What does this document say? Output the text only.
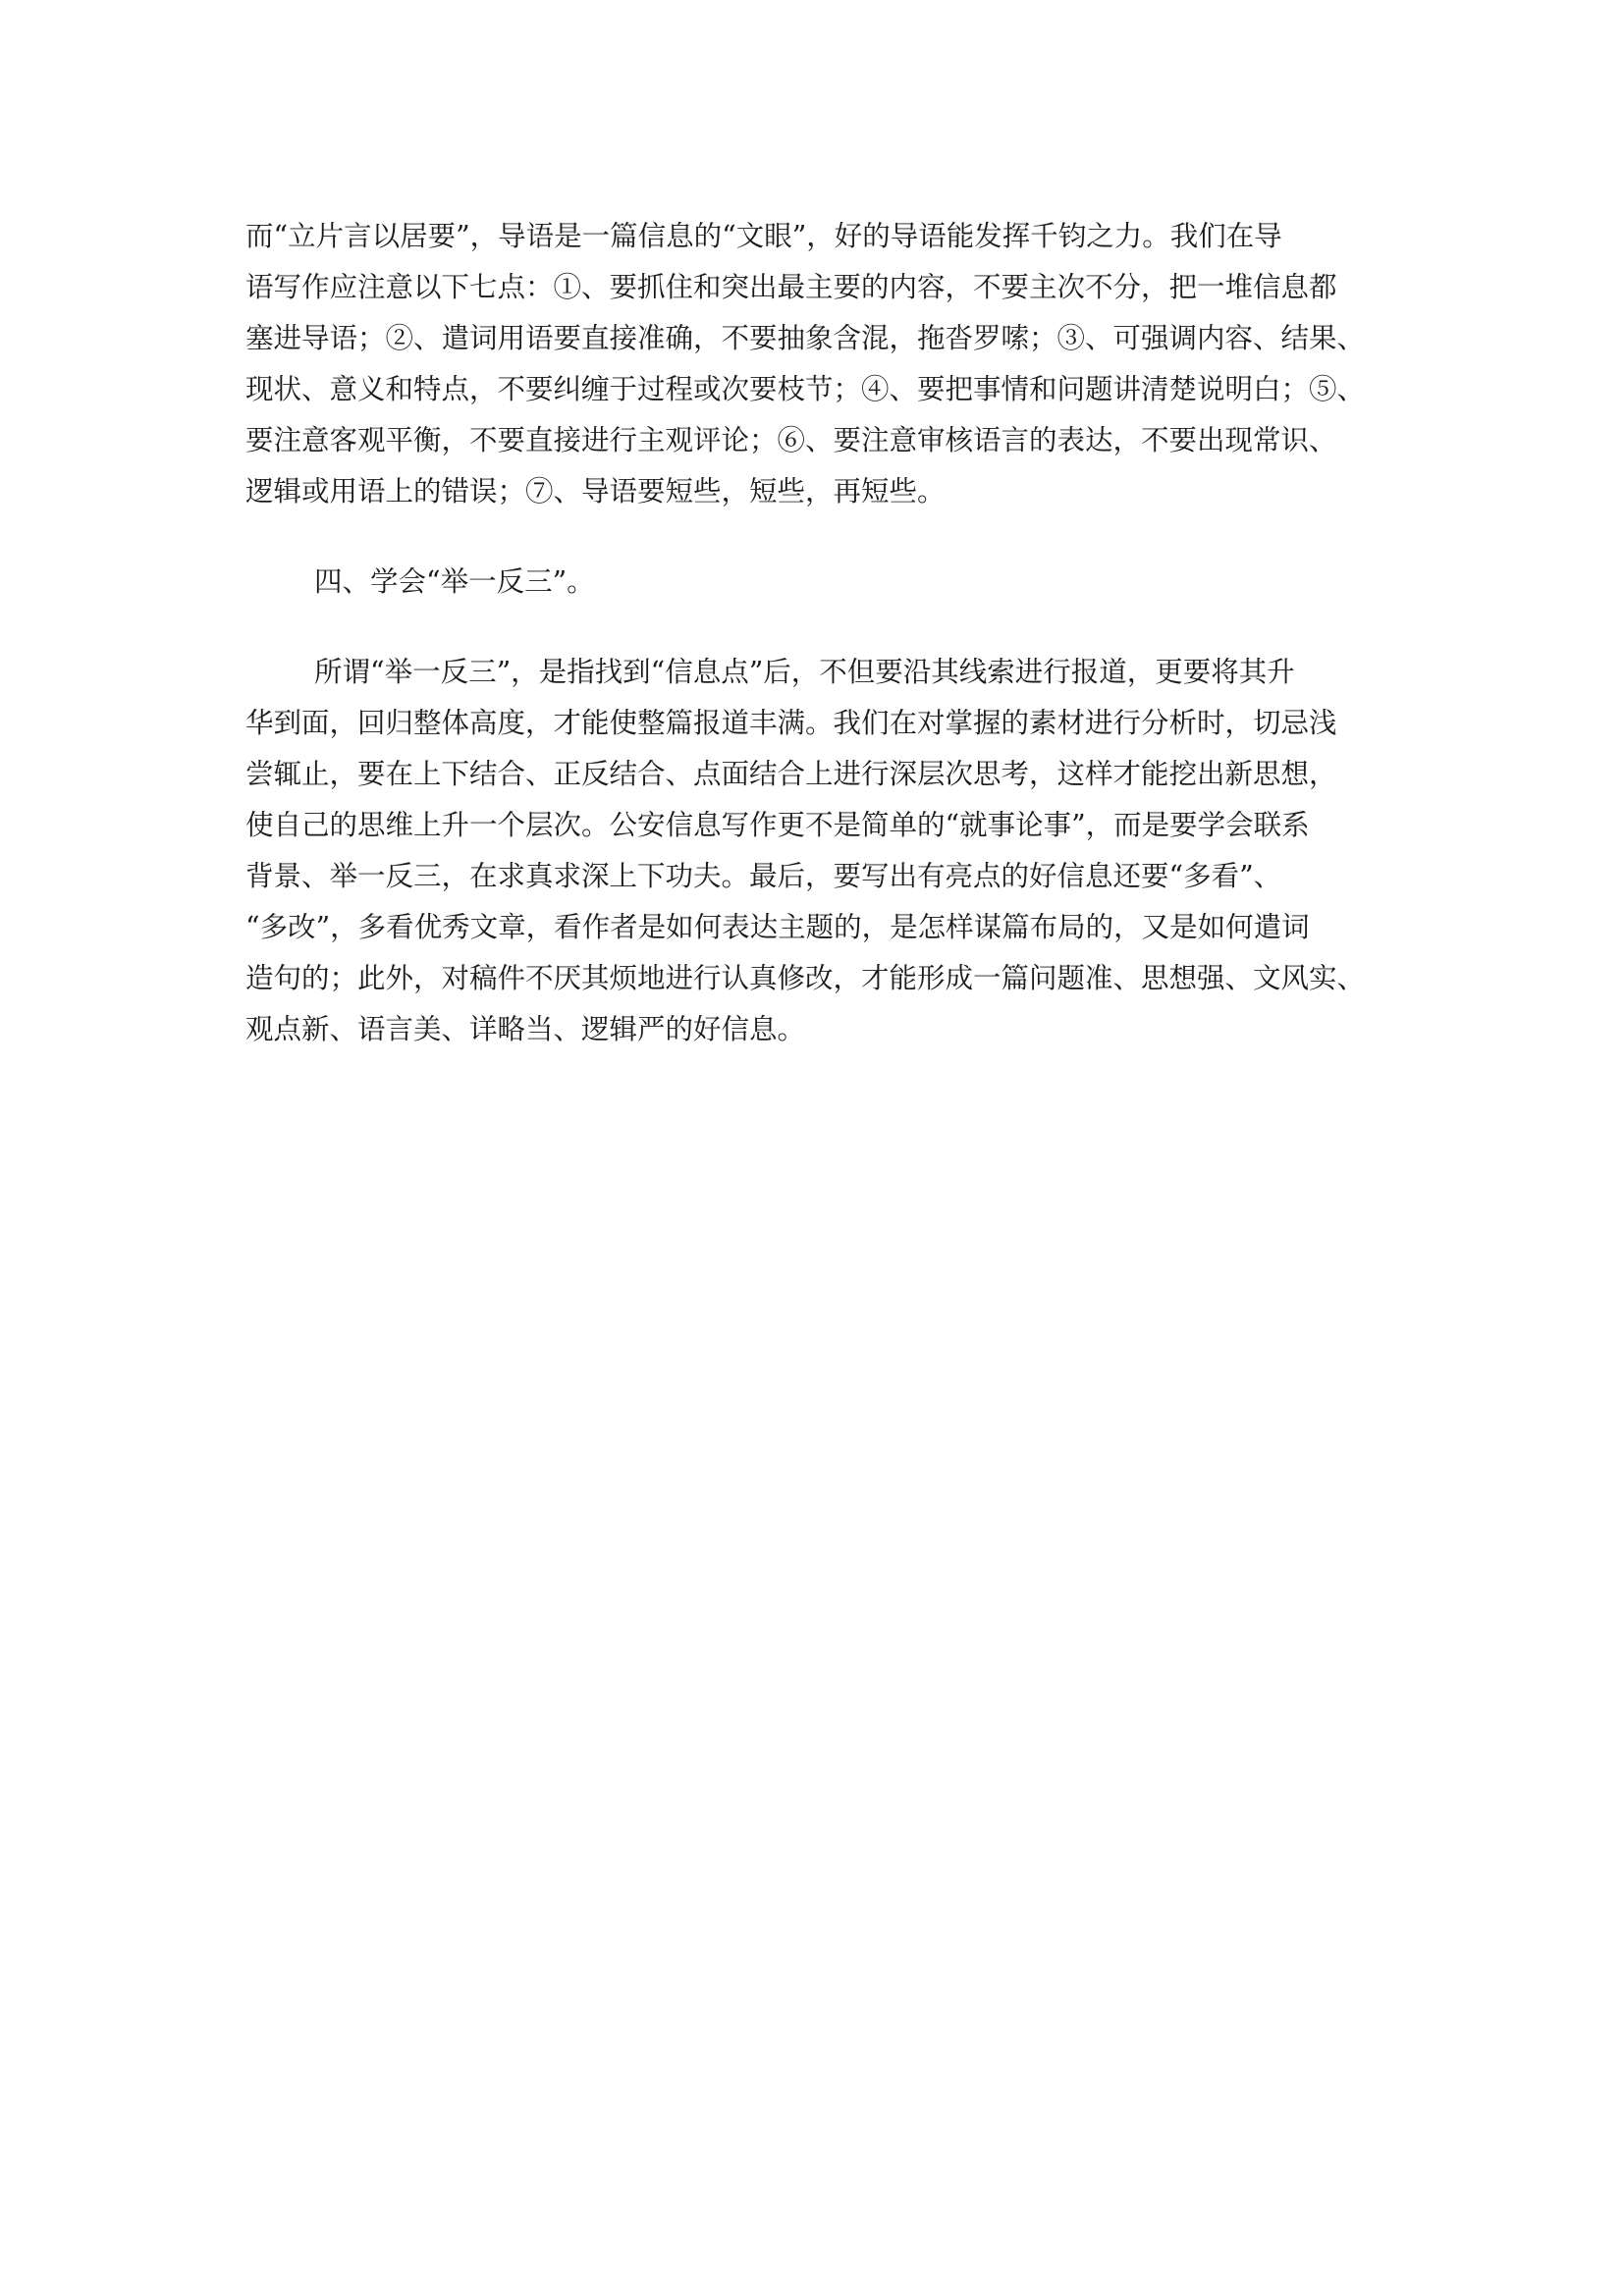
而“立片言以居要”，导语是一篇信息的“文眼”，好的导语能发挥千钧之力。我们在导
语写作应注意以下七点：①、要抓住和突出最主要的内容，不要主次不分，把一堆信息都
塞进导语；②、遣词用语要直接准确，不要抽象含混，拖沓罗嗦；③、可强调内容、结果、
现状、意义和特点，不要纠缠于过程或次要枝节；④、要把事情和问题讲清楚说明白；⑤、
要注意客观平衡，不要直接进行主观评论；⑥、要注意审核语言的表达，不要出现常识、
逻辑或用语上的错误；⑦、导语要短些，短些，再短些。

四、学会“举一反三”。

所谓“举一反三”，是指找到“信息点”后，不但要沿其线索进行报道，更要将其升
华到面，回归整体高度，才能使整篇报道丰满。我们在对掌握的素材进行分析时，切忌浅
尝辄止，要在上下结合、正反结合、点面结合上进行深层次思考，这样才能挖出新思想，
使自己的思维上升一个层次。公安信息写作更不是简单的“就事论事”，而是要学会联系
背景、举一反三，在求真求深上下功夫。最后，要写出有亮点的好信息还要“多看”、
“多改”，多看优秀文章，看作者是如何表达主题的，是怎样谋篇布局的，又是如何遣词
造句的；此外，对稿件不厌其烦地进行认真修改，才能形成一篇问题准、思想强、文风实、
观点新、语言美、详略当、逻辑严的好信息。
